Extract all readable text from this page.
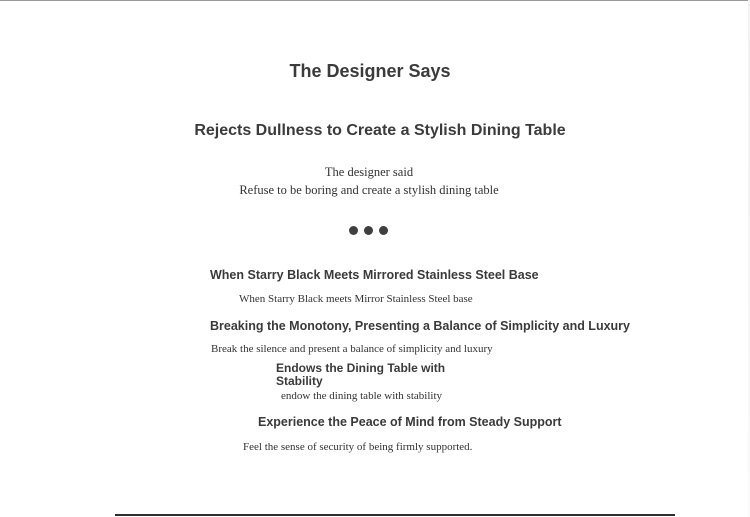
The Designer Says
Rejects Dullness to Create a Stylish Dining Table
The designer said
Refuse to be boring and create a stylish dining table
When Starry Black Meets Mirrored Stainless Steel Base
When Starry Black meets Mirror Stainless Steel base
Breaking the Monotony, Presenting a Balance of Simplicity and Luxury
Break the silence and present a balance of simplicity and luxury
Endows the Dining Table with Stability
endow the dining table with stability
Experience the Peace of Mind from Steady Support
Feel the sense of security of being firmly supported.
